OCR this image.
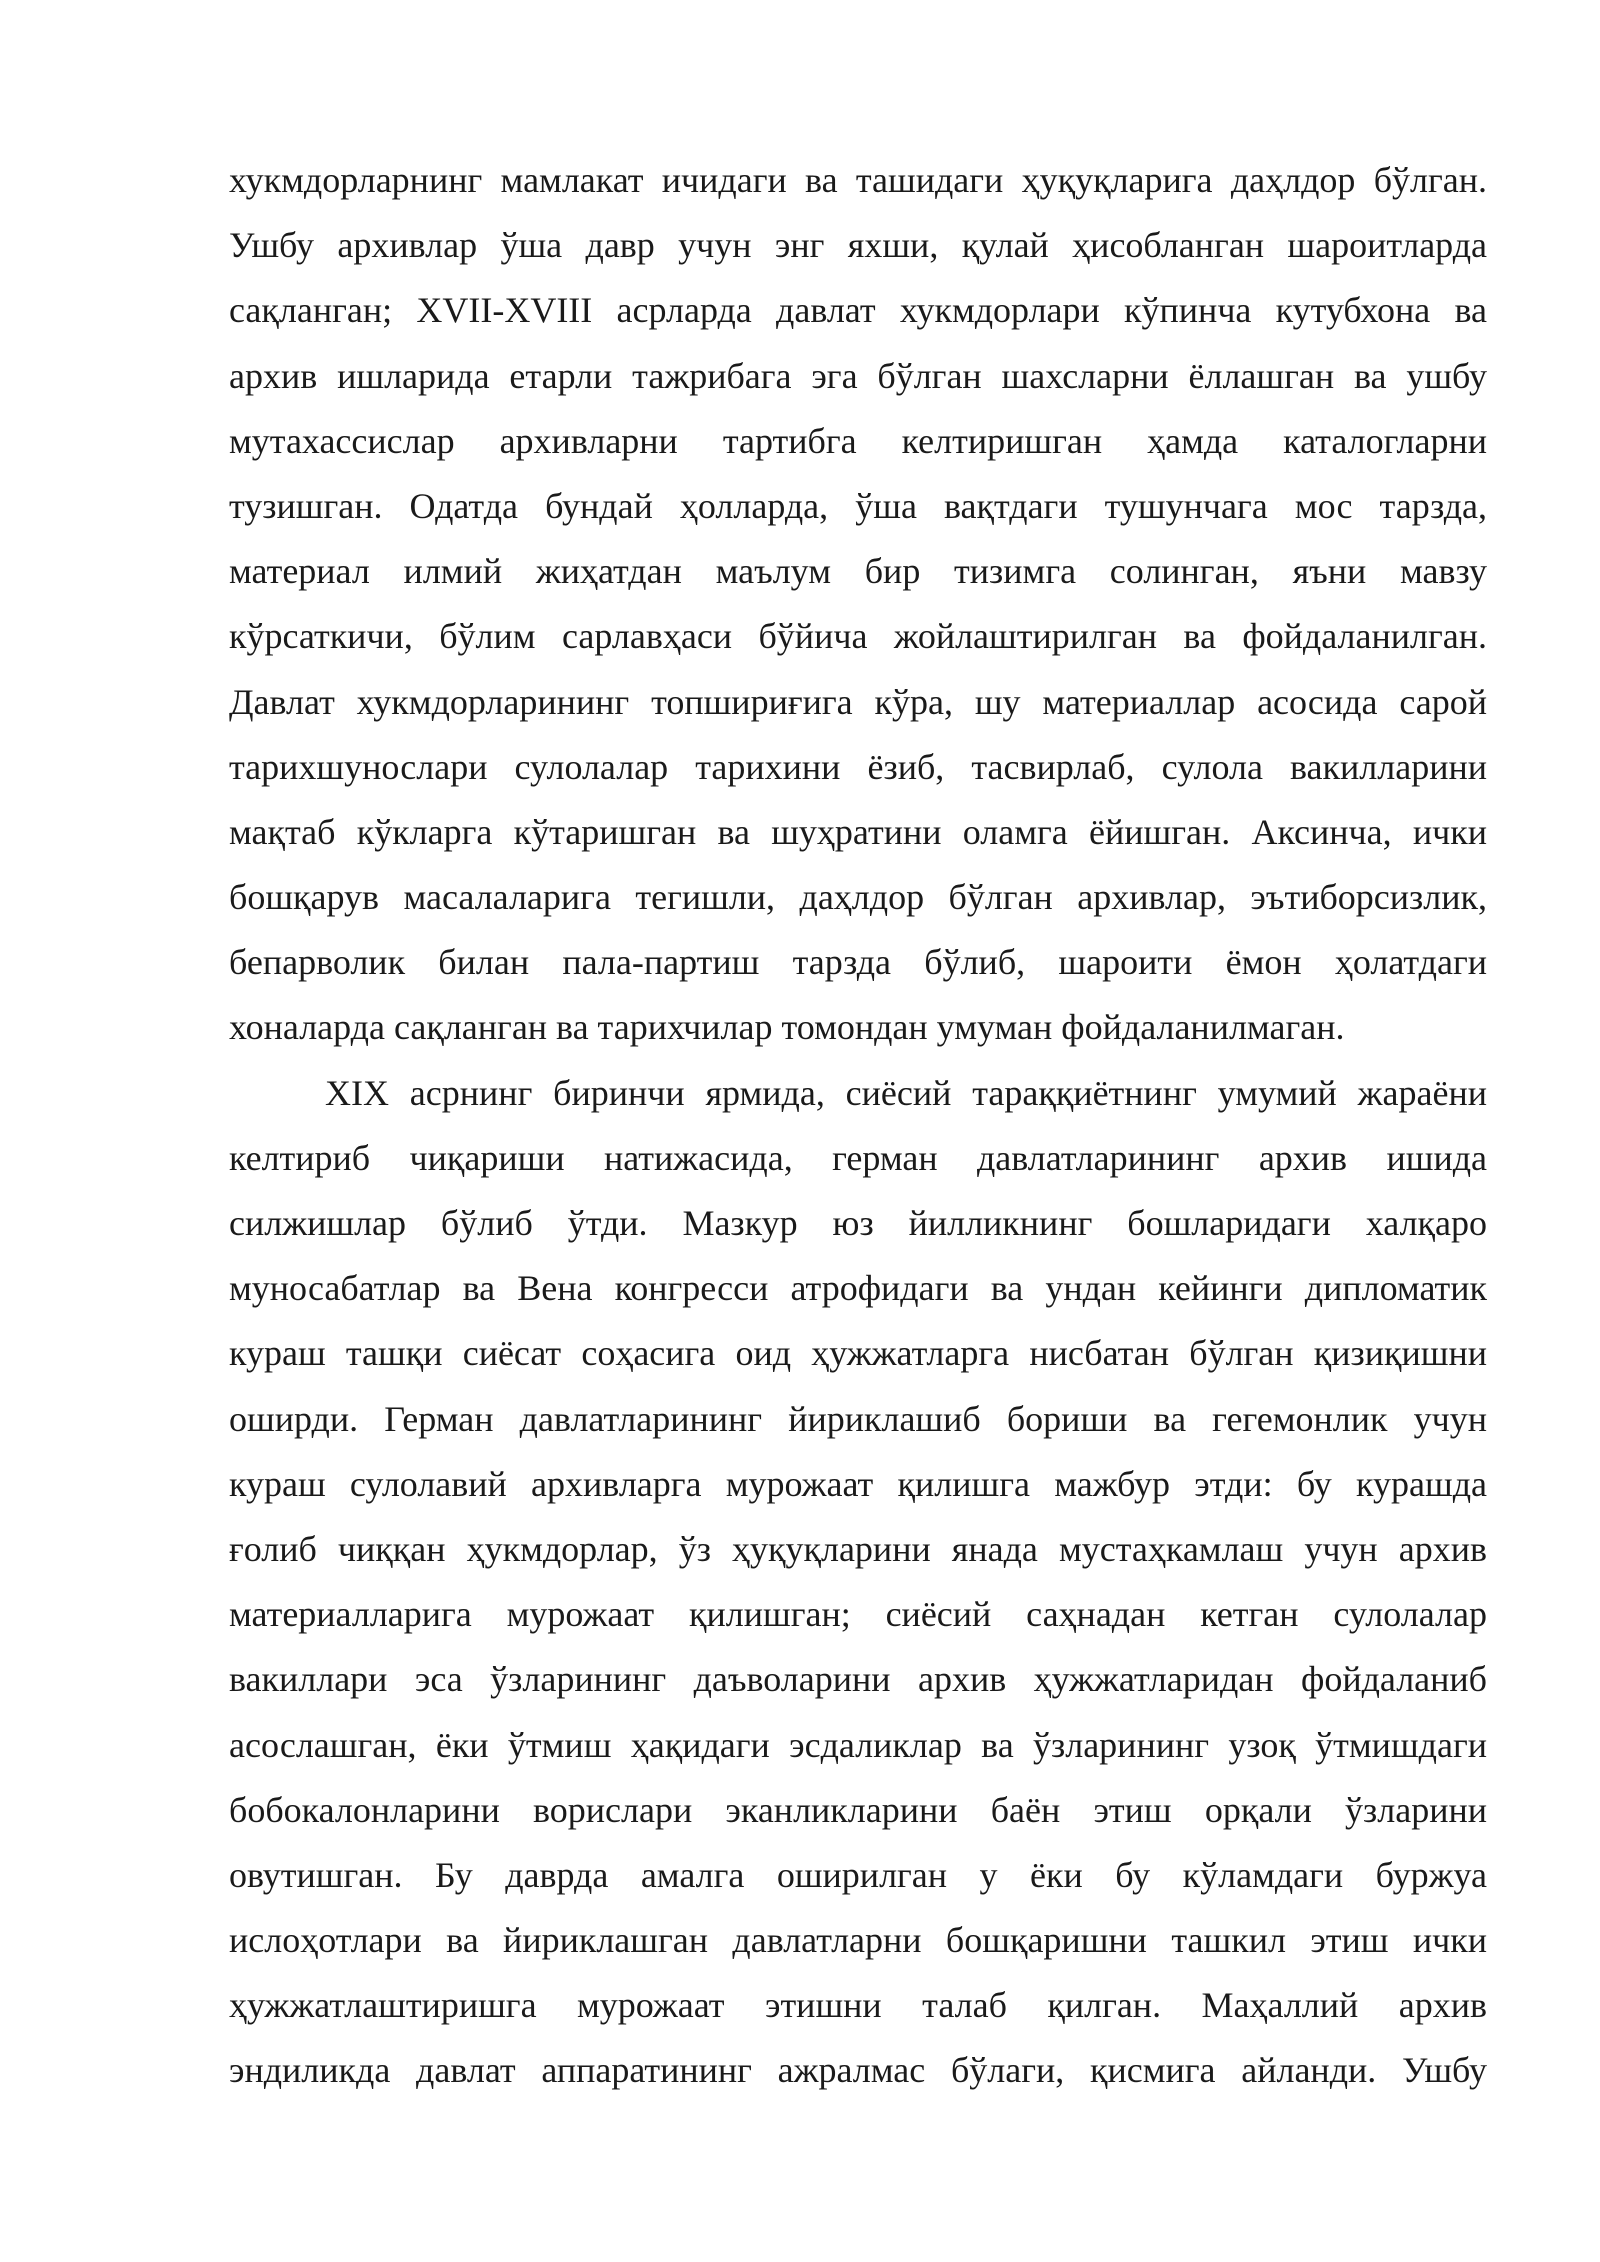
хукмдорларнинг мамлакат ичидаги ва ташидаги ҳуқуқларига даҳлдор бўлган.
Ушбу архивлар ўша давр учун энг яхши, қулай ҳисобланган шароитларда
сақланган; XVII-XVIII асрларда давлат хукмдорлари кўпинча кутубхона ва
архив ишларида етарли тажрибага эга бўлган шахсларни ёллашган ва ушбу
мутахассислар архивларни тартибга келтиришган ҳамда каталогларни
тузишган. Одатда бундай ҳолларда, ўша вақтдаги тушунчага мос тарзда,
материал илмий жиҳатдан маълум бир тизимга солинган, яъни мавзу
кўрсаткичи, бўлим сарлавҳаси бўйича жойлаштирилган ва фойдаланилган.
Давлат хукмдорларининг топшириғига кўра, шу материаллар асосида сарой
тарихшунослари сулолалар тарихини ёзиб, тасвирлаб, сулола вакилларини
мақтаб кўкларга кўтаришган ва шуҳратини оламга ёйишган. Аксинча, ички
бошқарув масалаларига тегишли, даҳлдор бўлган архивлар, эътиборсизлик,
бепарволик билан пала-партиш тарзда бўлиб, шароити ёмон ҳолатдаги
хоналарда сақланган ва тарихчилар томондан умуман фойдаланилмаган.
XIX асрнинг биринчи ярмида, сиёсий тараққиётнинг умумий жараёни
келтириб чиқариши натижасида, герман давлатларининг архив ишида
силжишлар бўлиб ўтди. Мазкур юз йилликнинг бошларидаги халқаро
муносабатлар ва Вена конгресси атрофидаги ва ундан кейинги дипломатик
кураш ташқи сиёсат соҳасига оид ҳужжатларга нисбатан бўлган қизиқишни
оширди. Герман давлатларининг йириклашиб бориши ва гегемонлик учун
кураш сулолавий архивларга мурожаат қилишга мажбур этди: бу курашда
ғолиб чиққан ҳукмдорлар, ўз ҳуқуқларини янада мустаҳкамлаш учун архив
материалларига мурожаат қилишган; сиёсий саҳнадан кетган сулолалар
вакиллари эса ўзларининг даъволарини архив ҳужжатларидан фойдаланиб
асослашган, ёки ўтмиш ҳақидаги эсдаликлар ва ўзларининг узоқ ўтмишдаги
бобокалонларини ворислари эканликларини баён этиш орқали ўзларини
овутишган. Бу даврда амалга оширилган у ёки бу кўламдаги буржуа
ислоҳотлари ва йириклашган давлатларни бошқаришни ташкил этиш ички
ҳужжатлаштиришга мурожаат этишни талаб қилган. Маҳаллий архив
эндиликда давлат аппаратининг ажралмас бўлаги, қисмига айланди. Ушбу
